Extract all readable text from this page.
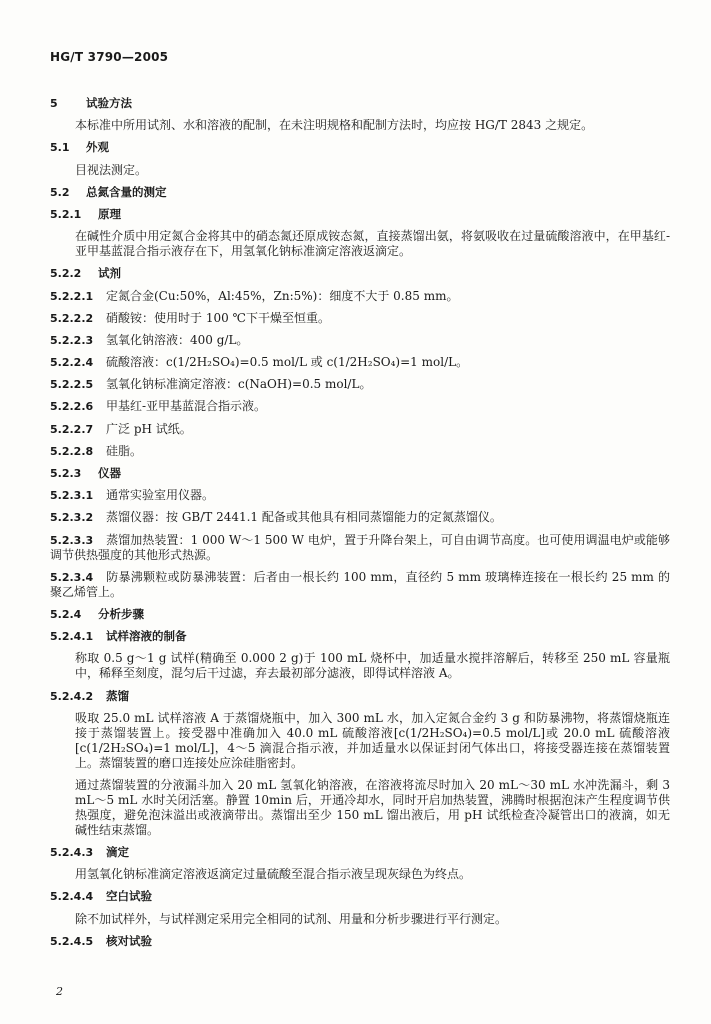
HG/T 3790—2005
5 试验方法
本标准中所用试剂、水和溶液的配制，在未注明规格和配制方法时，均应按 HG/T 2843 之规定。
5.1 外观
目视法测定。
5.2 总氮含量的测定
5.2.1 原理
在碱性介质中用定氮合金将其中的硝态氮还原成铵态氮，直接蒸馏出氨，将氨吸收在过量硫酸溶液中，在甲基红-亚甲基蓝混合指示液存在下，用氢氧化钠标准滴定溶液返滴定。
5.2.2 试剂
5.2.2.1 定氮合金(Cu:50%，Al:45%，Zn:5%)：细度不大于 0.85 mm。
5.2.2.2 硝酸铵：使用时于 100 ℃下干燥至恒重。
5.2.2.3 氢氧化钠溶液：400 g/L。
5.2.2.4 硫酸溶液：c(1/2H₂SO₄)=0.5 mol/L 或 c(1/2H₂SO₄)=1 mol/L。
5.2.2.5 氢氧化钠标准滴定溶液：c(NaOH)=0.5 mol/L。
5.2.2.6 甲基红-亚甲基蓝混合指示液。
5.2.2.7 广泛 pH 试纸。
5.2.2.8 硅脂。
5.2.3 仪器
5.2.3.1 通常实验室用仪器。
5.2.3.2 蒸馏仪器：按 GB/T 2441.1 配备或其他具有相同蒸馏能力的定氮蒸馏仪。
5.2.3.3 蒸馏加热装置：1 000 W～1 500 W 电炉，置于升降台架上，可自由调节高度。也可使用调温电炉或能够调节供热强度的其他形式热源。
5.2.3.4 防暴沸颗粒或防暴沸装置：后者由一根长约 100 mm，直径约 5 mm 玻璃棒连接在一根长约 25 mm 的聚乙烯管上。
5.2.4 分析步骤
5.2.4.1 试样溶液的制备
称取 0.5 g～1 g 试样(精确至 0.000 2 g)于 100 mL 烧杯中，加适量水搅拌溶解后，转移至 250 mL 容量瓶中，稀释至刻度，混匀后干过滤，弃去最初部分滤液，即得试样溶液 A。
5.2.4.2 蒸馏
吸取 25.0 mL 试样溶液 A 于蒸馏烧瓶中，加入 300 mL 水，加入定氮合金约 3 g 和防暴沸物，将蒸馏烧瓶连接于蒸馏装置上。接受器中准确加入 40.0 mL 硫酸溶液[c(1/2H₂SO₄)=0.5 mol/L]或 20.0 mL 硫酸溶液[c(1/2H₂SO₄)=1 mol/L]，4～5 滴混合指示液，并加适量水以保证封闭气体出口，将接受器连接在蒸馏装置上。蒸馏装置的磨口连接处应涂硅脂密封。
通过蒸馏装置的分液漏斗加入 20 mL 氢氧化钠溶液，在溶液将流尽时加入 20 mL～30 mL 水冲洗漏斗，剩 3 mL～5 mL 水时关闭活塞。静置 10min 后，开通冷却水，同时开启加热装置，沸腾时根据泡沫产生程度调节供热强度，避免泡沫溢出或液滴带出。蒸馏出至少 150 mL 馏出液后，用 pH 试纸检查冷凝管出口的液滴，如无碱性结束蒸馏。
5.2.4.3 滴定
用氢氧化钠标准滴定溶液返滴定过量硫酸至混合指示液呈现灰绿色为终点。
5.2.4.4 空白试验
除不加试样外，与试样测定采用完全相同的试剂、用量和分析步骤进行平行测定。
5.2.4.5 核对试验
2
